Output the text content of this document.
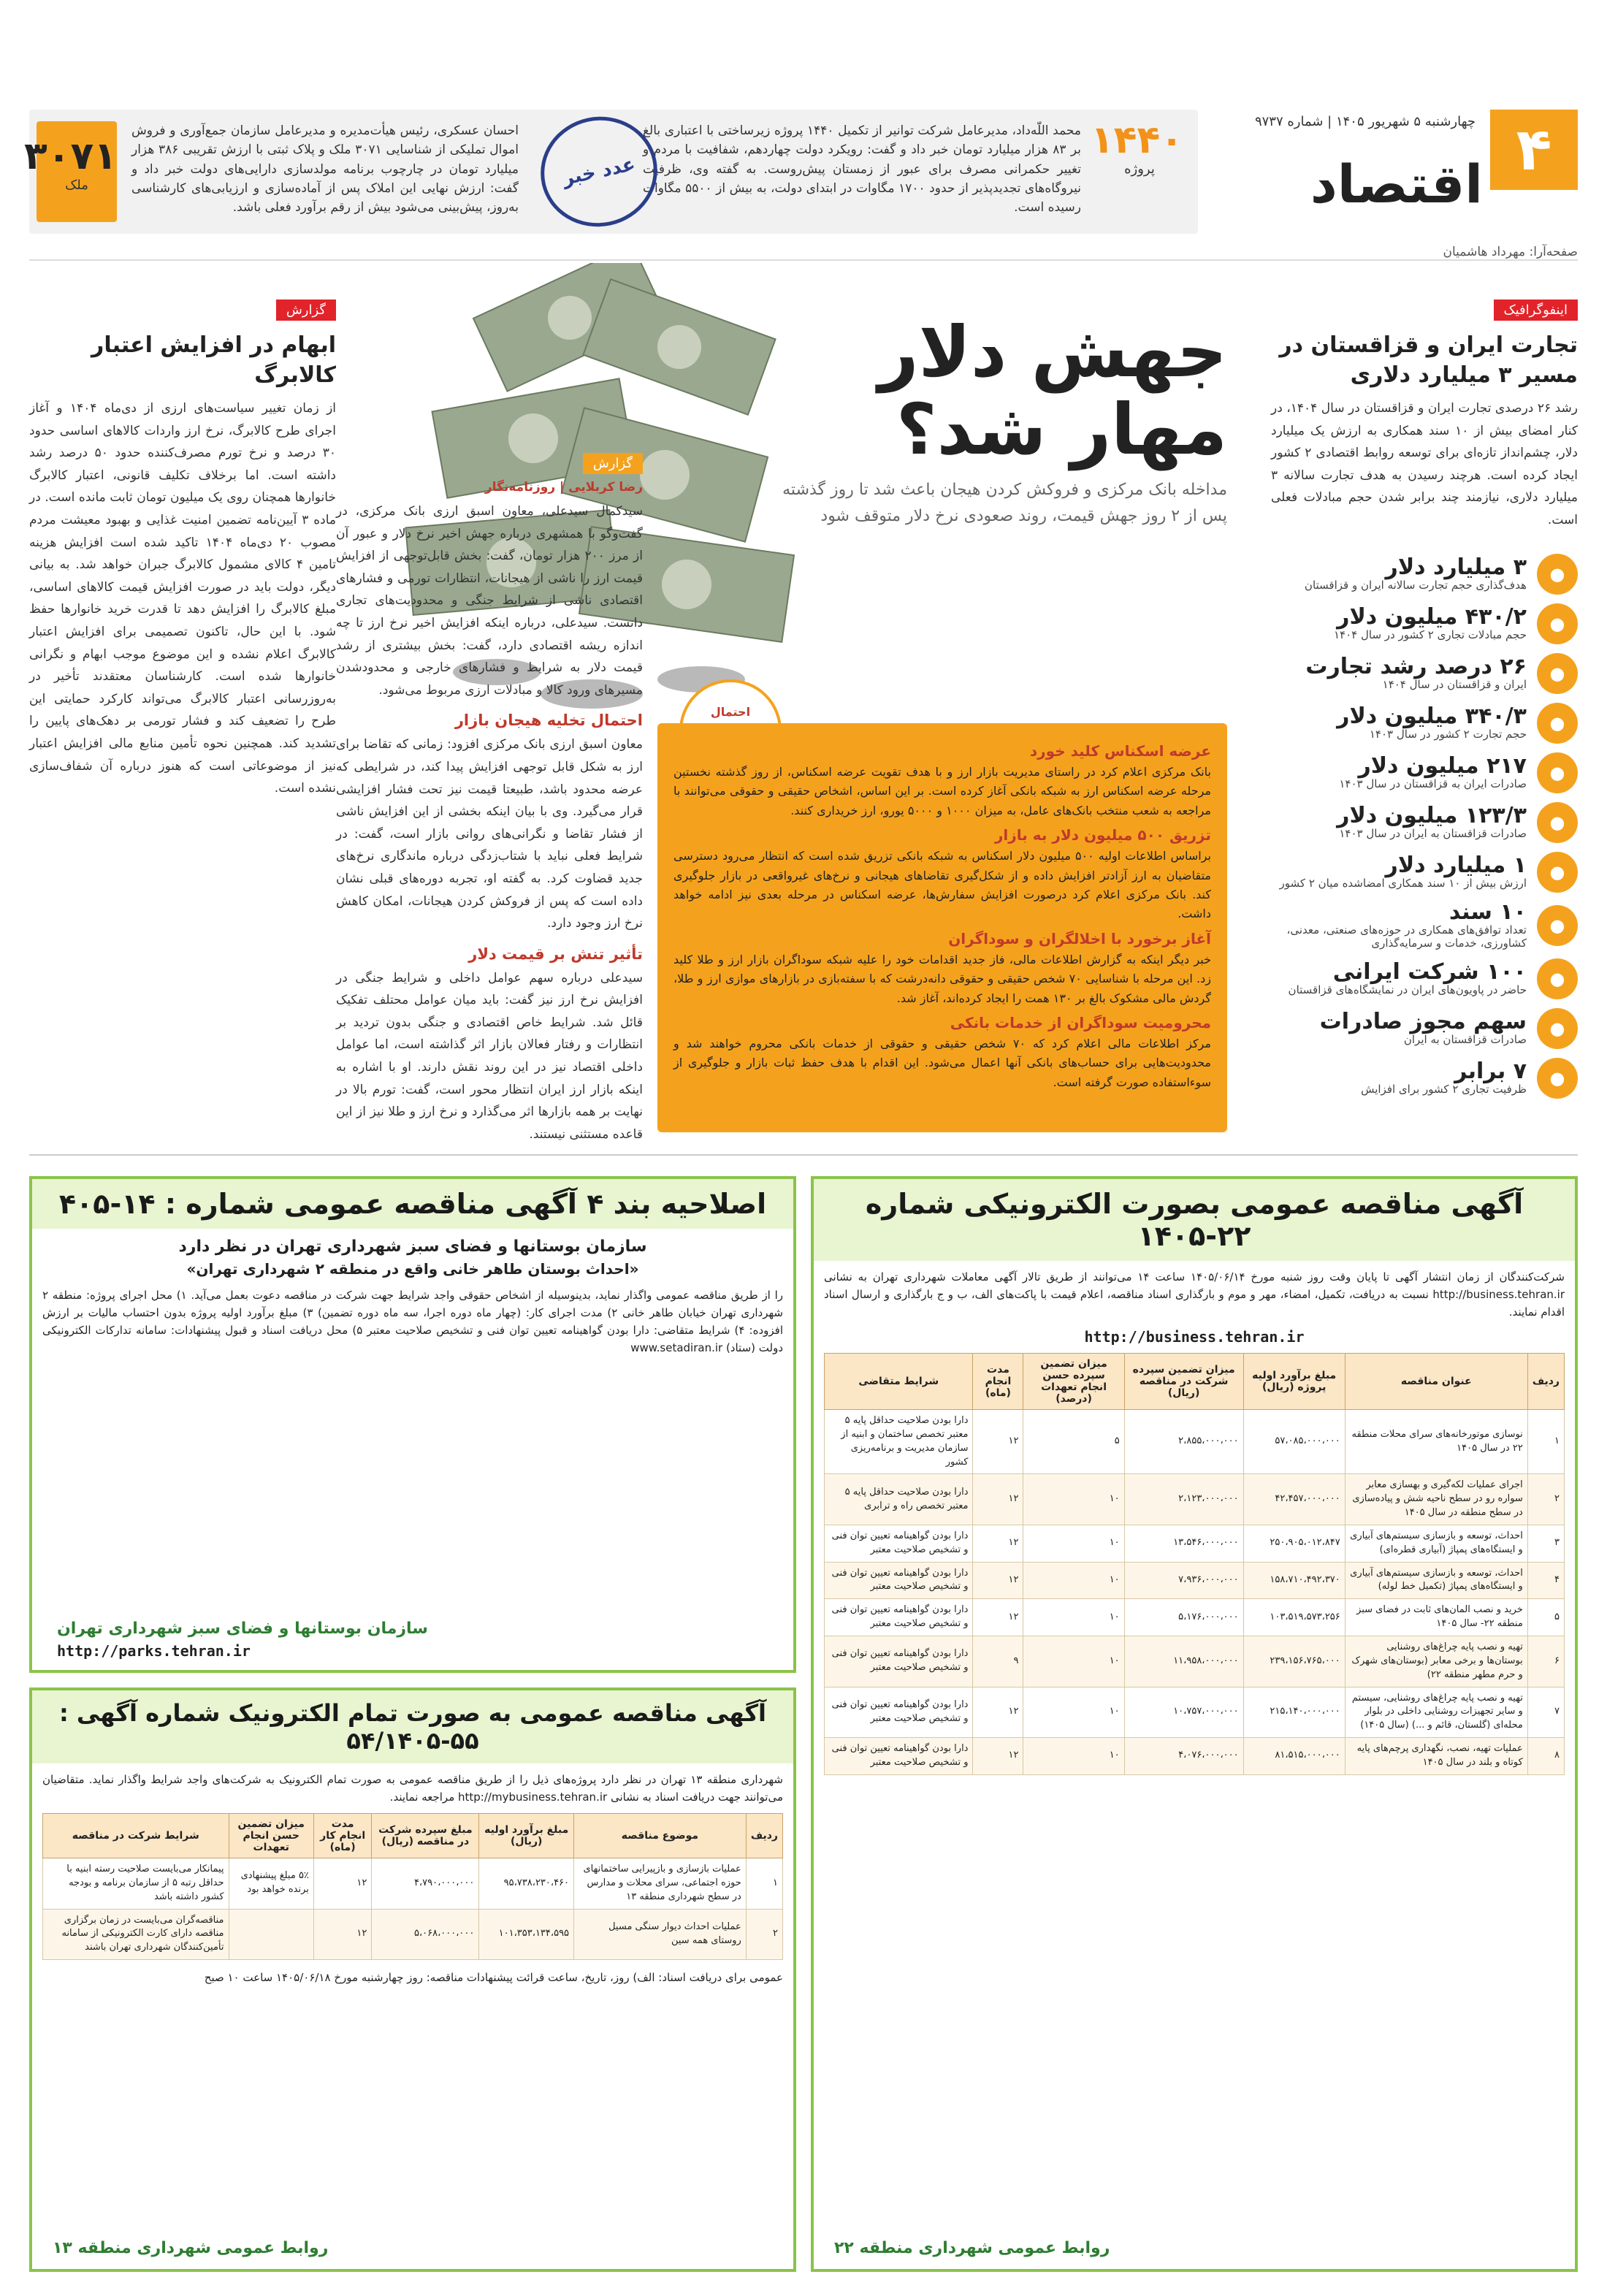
۴
چهارشنبه ۵ شهریور ۱۴۰۵ | شماره ۹۷۳۷
اقتصاد
۱۴۴۰
پروژه
محمد اللّه‌داد، مدیرعامل شرکت توانیر از تکمیل ۱۴۴۰ پروژه زیرساختی با اعتباری بالغ بر ۸۳ هزار میلیارد تومان خبر داد و گفت: رویکرد دولت چهاردهم، شفافیت با مردم و تغییر حکمرانی مصرف برای عبور از زمستان پیش‌روست. به گفته وی، ظرفیت نیروگاه‌های تجدیدپذیر از حدود ۱۷۰۰ مگاوات در ابتدای دولت، به بیش از ۵۵۰۰ مگاوات رسیده است.
عدد خبر
احسان عسکری، رئیس هیأت‌مدیره و مدیرعامل سازمان جمع‌آوری و فروش اموال تملیکی از شناسایی ۳۰۷۱ ملک و پلاک ثبتی با ارزش تقریبی ۳۸۶ هزار میلیارد تومان در چارچوب برنامه مولدسازی دارایی‌های دولت خبر داد و گفت: ارزش نهایی این املاک پس از آماده‌سازی و ارزیابی‌های کارشناسی به‌روز، پیش‌بینی می‌شود بیش از رقم برآورد فعلی باشد.
۳۰۷۱
ملک
صفحه‌آرا: مهرداد هاشمیان
اینفوگرافیک
تجارت ایران و قزاقستان در مسیر ۳ میلیارد دلاری
رشد ۲۶ درصدی تجارت ایران و قزاقستان در سال ۱۴۰۴، در کنار امضای بیش از ۱۰ سند همکاری به ارزش یک میلیارد دلار، چشم‌انداز تازه‌ای برای توسعه روابط اقتصادی ۲ کشور ایجاد کرده است. هرچند رسیدن به هدف تجارت سالانه ۳ میلیارد دلاری، نیازمند چند برابر شدن حجم مبادلات فعلی است.
●
۳ میلیارد دلار
هدف‌گذاری حجم تجارت سالانه ایران و قزاقستان
●
۴۳۰/۲ میلیون دلار
حجم مبادلات تجاری ۲ کشور در سال ۱۴۰۴
●
۲۶ درصد رشد تجارت
ایران و قزاقستان در سال ۱۴۰۴
●
۳۴۰/۳ میلیون دلار
حجم تجارت ۲ کشور در سال ۱۴۰۳
●
۲۱۷ میلیون دلار
صادرات ایران به قزاقستان در سال ۱۴۰۳
●
۱۲۳/۳ میلیون دلار
صادرات قزاقستان به ایران در سال ۱۴۰۳
●
۱ میلیارد دلار
ارزش بیش از ۱۰ سند همکاری امضاشده میان ۲ کشور
●
۱۰ سند
تعداد توافق‌های همکاری در حوزه‌های صنعتی، معدنی، کشاورزی، خدمات و سرمایه‌گذاری
●
۱۰۰ شرکت ایرانی
حاضر در پاویون‌های ایران در نمایشگاه‌های قزاقستان
●
سهم مجوز صادرات
صادرات قزاقستان به ایران
●
۷ برابر
ظرفیت تجاری ۲ کشور برای افزایش
جهش دلار مهار شد؟
مداخله بانک مرکزی و فروکش کردن هیجان باعث شد تا روز گذشته پس از ۲ روز جهش قیمت، روند صعودی نرخ دلار متوقف شود
گزارش
رضا کربلایی | روزنامه‌نگار
سیدکمال سیدعلی، معاون اسبق ارزی بانک مرکزی، در گفت‌وگو با همشهری درباره جهش اخیر نرخ دلار و عبور آن از مرز ۲۰۰ هزار تومان، گفت: بخش قابل‌توجهی از افزایش قیمت ارز را ناشی از هیجانات، انتظارات تورمی و فشارهای اقتصادی ناشی از شرایط جنگی و محدودیت‌های تجاری دانست. سیدعلی، درباره اینکه افزایش اخیر نرخ ارز تا چه اندازه ریشه اقتصادی دارد، گفت: بخش بیشتری از رشد قیمت دلار به شرایط و فشارهای خارجی و محدودشدن مسیرهای ورود کالا و مبادلات ارزی مربوط می‌شود.
احتمال تخلیه هیجان بازار
معاون اسبق ارزی بانک مرکزی افزود: زمانی که تقاضا برای ارز به شکل قابل توجهی افزایش پیدا کند، در شرایطی که عرضه محدود باشد، طبیعتا قیمت نیز تحت فشار افزایشی قرار می‌گیرد. وی با بیان اینکه بخشی از این افزایش ناشی از فشار تقاضا و نگرانی‌های روانی بازار است، گفت: در شرایط فعلی نباید با شتاب‌زدگی درباره ماندگاری نرخ‌های جدید قضاوت کرد. به گفته او، تجربه دوره‌های قبلی نشان داده است که پس از فروکش کردن هیجانات، امکان کاهش نرخ ارز وجود دارد.
تأثیر تنش بر قیمت دلار
سیدعلی درباره سهم عوامل داخلی و شرایط جنگی در افزایش نرخ ارز نیز گفت: باید میان عوامل محتلف تفکیک قائل شد. شرایط خاص اقتصادی و جنگی بدون تردید بر انتظارات و رفتار فعالان بازار اثر گذاشته است، اما عوامل داخلی اقتصاد نیز در این روند نقش دارند. او با اشاره به اینکه بازار ارز ایران انتظار محور است، گفت: تورم بالا در نهایت بر همه بازارها اثر می‌گذارد و نرخ ارز و طلا نیز از این قاعده مستثنی نیستند.
احتمال
عرضه اسکناس کلید خورد
بانک مرکزی اعلام کرد در راستای مدیریت بازار ارز و با هدف تقویت عرضه اسکناس، از روز گذشته نخستین مرحله عرضه اسکناس ارز به شبکه بانکی آغاز کرده است. بر این اساس، اشخاص حقیقی و حقوقی می‌توانند با مراجعه به شعب منتخب بانک‌های عامل، به میزان ۱۰۰۰ و ۵۰۰۰ یورو، ارز خریداری کنند.
تزریق ۵۰۰ میلیون دلار به بازار
براساس اطلاعات اولیه ۵۰۰ میلیون دلار اسکناس به شبکه بانکی تزریق شده است که انتظار می‌رود دسترسی متقاضیان به ارز آزادتر افزایش داده و از شکل‌گیری تقاضاهای هیجانی و نرخ‌های غیرواقعی در بازار جلوگیری کند. بانک مرکزی اعلام کرد درصورت افزایش سفارش‌ها، عرضه اسکناس در مرحله بعدی نیز ادامه خواهد داشت.
آغاز برخورد با اخلالگران و سوداگران
خبر دیگر اینکه به گزارش اطلاعات مالی، فاز جدید اقدامات خود را علیه شبکه سوداگران بازار ارز و طلا کلید زد. این مرحله با شناسایی ۷۰ شخص حقیقی و حقوقی دانه‌درشت که با سفته‌بازی در بازارهای موازی ارز و طلا، گردش مالی مشکوک بالغ بر ۱۳۰ همت را ایجاد کرده‌اند، آغاز شد.
محرومیت سوداگران از خدمات بانکی
مرکز اطلاعات مالی اعلام کرد که ۷۰ شخص حقیقی و حقوقی از خدمات بانکی محروم خواهند شد و محدودیت‌هایی برای حساب‌های بانکی آنها اعمال می‌شود. این اقدام با هدف حفظ ثبات بازار و جلوگیری از سوءاستفاده صورت گرفته است.
گزارش
ابهام در افزایش اعتبار کالابرگ
از زمان تغییر سیاست‌های ارزی از دی‌ماه ۱۴۰۴ و آغاز اجرای طرح کالابرگ، نرخ ارز واردات کالاهای اساسی حدود ۳۰ درصد و نرخ تورم مصرف‌کننده حدود ۵۰ درصد رشد داشته است. اما برخلاف تکلیف قانونی، اعتبار کالابرگ خانوارها همچنان روی یک میلیون تومان ثابت مانده است. در ماده ۳ آیین‌نامه تضمین امنیت غذایی و بهبود معیشت مردم مصوب ۲۰ دی‌ماه ۱۴۰۴ تاکید شده است افزایش هزینه تامین ۴ کالای مشمول کالابرگ جبران خواهد شد. به بیانی دیگر، دولت باید در صورت افزایش قیمت کالاهای اساسی، مبلغ کالابرگ را افزایش دهد تا قدرت خرید خانوارها حفظ شود. با این حال، تاکنون تصمیمی برای افزایش اعتبار کالابرگ اعلام نشده و این موضوع موجب ابهام و نگرانی خانوارها شده است. کارشناسان معتقدند تأخیر در به‌روزرسانی اعتبار کالابرگ می‌تواند کارکرد حمایتی این طرح را تضعیف کند و فشار تورمی بر دهک‌های پایین را تشدید کند. همچنین نحوه تأمین منابع مالی افزایش اعتبار نیز از موضوعاتی است که هنوز درباره آن شفاف‌سازی نشده است.
آگهی مناقصه عمومی بصورت الکترونیکی شماره ۲۲-۱۴۰۵
شرکت‌کنندگان از زمان انتشار آگهی تا پایان وقت روز شنبه مورخ ۱۴۰۵/۰۶/۱۴ ساعت ۱۴ می‌توانند از طریق تالار آگهی معاملات شهرداری تهران به نشانی http://business.tehran.ir نسبت به دریافت، تکمیل، امضاء، مهر و موم و بارگذاری اسناد مناقصه، اعلام قیمت با پاکت‌های الف، ب و ج بارگذاری و ارسال اسناد اقدام نمایند.
http://business.tehran.ir
ردیف	عنوان مناقصه	مبلغ برآورد اولیه پروژه (ریال)	میزان تضمین سپرده شرکت در مناقصه (ریال)	میزان تضمین سپرده حسن انجام تعهدات (درصد)	مدت انجام (ماه)	شرایط متقاضی
۱	نوسازی موتورخانه‌های سرای محلات منطقه ۲۲ در سال ۱۴۰۵	۵۷،۰۸۵،۰۰۰،۰۰۰	۲،۸۵۵،۰۰۰،۰۰۰	۵	۱۲	دارا بودن صلاحیت حداقل پایه ۵ معتبر تخصص ساختمان و ابنیه از سازمان مدیریت و برنامه‌ریزی کشور
۲	اجرای عملیات لکه‌گیری و بهسازی معابر سواره رو در سطح ناحیه شش و پیاده‌سازی در سطح منطقه در سال ۱۴۰۵	۴۲،۴۵۷،۰۰۰،۰۰۰	۲،۱۲۳،۰۰۰،۰۰۰	۱۰	۱۲	دارا بودن صلاحیت حداقل پایه ۵ معتبر تخصص راه و ترابری
۳	احداث، توسعه و بازسازی سیستم‌های آبیاری و ایستگاه‌های پمپاژ (آبیاری قطره‌ای)	۲۵۰،۹۰۵،۰۱۲،۸۴۷	۱۳،۵۴۶،۰۰۰،۰۰۰	۱۰	۱۲	دارا بودن گواهینامه تعیین توان فنی و تشخیص صلاحیت معتبر
۴	احداث، توسعه و بازسازی سیستم‌های آبیاری و ایستگاه‌های پمپاژ (تکمیل خط لوله)	۱۵۸،۷۱۰،۴۹۲،۳۷۰	۷،۹۳۶،۰۰۰،۰۰۰	۱۰	۱۲	دارا بودن گواهینامه تعیین توان فنی و تشخیص صلاحیت معتبر
۵	خرید و نصب المان‌های ثابت در فضای سبز منطقه ۲۲- سال ۱۴۰۵	۱۰۳،۵۱۹،۵۷۳،۲۵۶	۵،۱۷۶،۰۰۰،۰۰۰	۱۰	۱۲	دارا بودن گواهینامه تعیین توان فنی و تشخیص صلاحیت معتبر
۶	تهیه و نصب پایه چراغ‌های روشنایی بوستان‌ها و برخی معابر (بوستان‌های شهرک و حرم مطهر منطقه ۲۲)	۲۳۹،۱۵۶،۷۶۵،۰۰۰	۱۱،۹۵۸،۰۰۰،۰۰۰	۱۰	۹	دارا بودن گواهینامه تعیین توان فنی و تشخیص صلاحیت معتبر
۷	تهیه و نصب پایه چراغ‌های روشنایی، سیستم و سایر تجهیزات روشنایی داخلی در بلوار محله‌ای (گلستان، قائم و ...) (سال ۱۴۰۵)	۲۱۵،۱۴۰،۰۰۰،۰۰۰	۱۰،۷۵۷،۰۰۰،۰۰۰	۱۰	۱۲	دارا بودن گواهینامه تعیین توان فنی و تشخیص صلاحیت معتبر
۸	عملیات تهیه، نصب، نگهداری پرچم‌های پایه کوتاه و بلند در سال ۱۴۰۵	۸۱،۵۱۵،۰۰۰،۰۰۰	۴،۰۷۶،۰۰۰،۰۰۰	۱۰	۱۲	دارا بودن گواهینامه تعیین توان فنی و تشخیص صلاحیت معتبر
روابط عمومی شهرداری منطقه ۲۲
اصلاحیه بند ۴ آگهی مناقصه عمومی شماره : ۱۴-۴۰۵
سازمان بوستانها و فضای سبز شهرداری تهران در نظر دارد
«احداث بوستان طاهر خانی واقع در منطقه ۲ شهرداری تهران»
را از طریق مناقصه عمومی واگذار نماید، بدینوسیله از اشخاص حقوقی واجد شرایط جهت شرکت در مناقصه دعوت بعمل می‌آید. ۱) محل اجرای پروژه: منطقه ۲ شهرداری تهران خیابان طاهر خانی ۲) مدت اجرای کار: (چهار ماه دوره اجرا، سه ماه دوره تضمین) ۳) مبلغ برآورد اولیه پروژه بدون احتساب مالیات بر ارزش افزوده: ۴) شرایط متقاضی: دارا بودن گواهینامه تعیین توان فنی و تشخیص صلاحیت معتبر ۵) محل دریافت اسناد و قبول پیشنهادات: سامانه تدارکات الکترونیکی دولت (ستاد) www.setadiran.ir
سازمان بوستانها و فضای سبز شهرداری تهران
http://parks.tehran.ir
آگهی مناقصه عمومی به صورت تمام الکترونیک شماره آگهی : ۵۵-۵۴/۱۴۰۵
شهرداری منطقه ۱۳ تهران در نظر دارد پروژه‌های ذیل را از طریق مناقصه عمومی به صورت تمام الکترونیک به شرکت‌های واجد شرایط واگذار نماید. متقاضیان می‌توانند جهت دریافت اسناد به نشانی http://mybusiness.tehran.ir مراجعه نمایند.
ردیف	موضوع مناقصه	مبلغ برآورد اولیه (ریال)	مبلغ سپرده شرکت در مناقصه (ریال)	مدت انجام کار (ماه)	میزان تضمین حسن انجام تعهدات	شرایط شرکت در مناقصه
۱	عملیات بازسازی و بازپیرایی ساختمانهای حوزه اجتماعی، سرای محلات و مدارس در سطح شهرداری منطقه ۱۳	۹۵،۷۳۸،۲۳۰،۴۶۰	۴،۷۹۰،۰۰۰،۰۰۰	۱۲	۵٪ مبلغ پیشنهادی برنده خواهد بود	پیمانکار می‌بایست صلاحیت رسته ابنیه با حداقل رتبه ۵ از سازمان برنامه و بودجه کشور داشته باشد
۲	عملیات احداث دیوار سنگی مسیل روستای همه سین	۱۰۱،۳۵۳،۱۳۴،۵۹۵	۵،۰۶۸،۰۰۰،۰۰۰	۱۲		مناقصه‌گران می‌بایست در زمان برگزاری مناقصه دارای کارت الکترونیکی از سامانه تأمین‌کنندگان شهرداری تهران باشند
عمومی برای دریافت اسناد: الف) روز، تاریخ، ساعت قرائت پیشنهادات مناقصه: روز چهارشنبه مورخ ۱۴۰۵/۰۶/۱۸ ساعت ۱۰ صبح
روابط عمومی شهرداری منطقه ۱۳
